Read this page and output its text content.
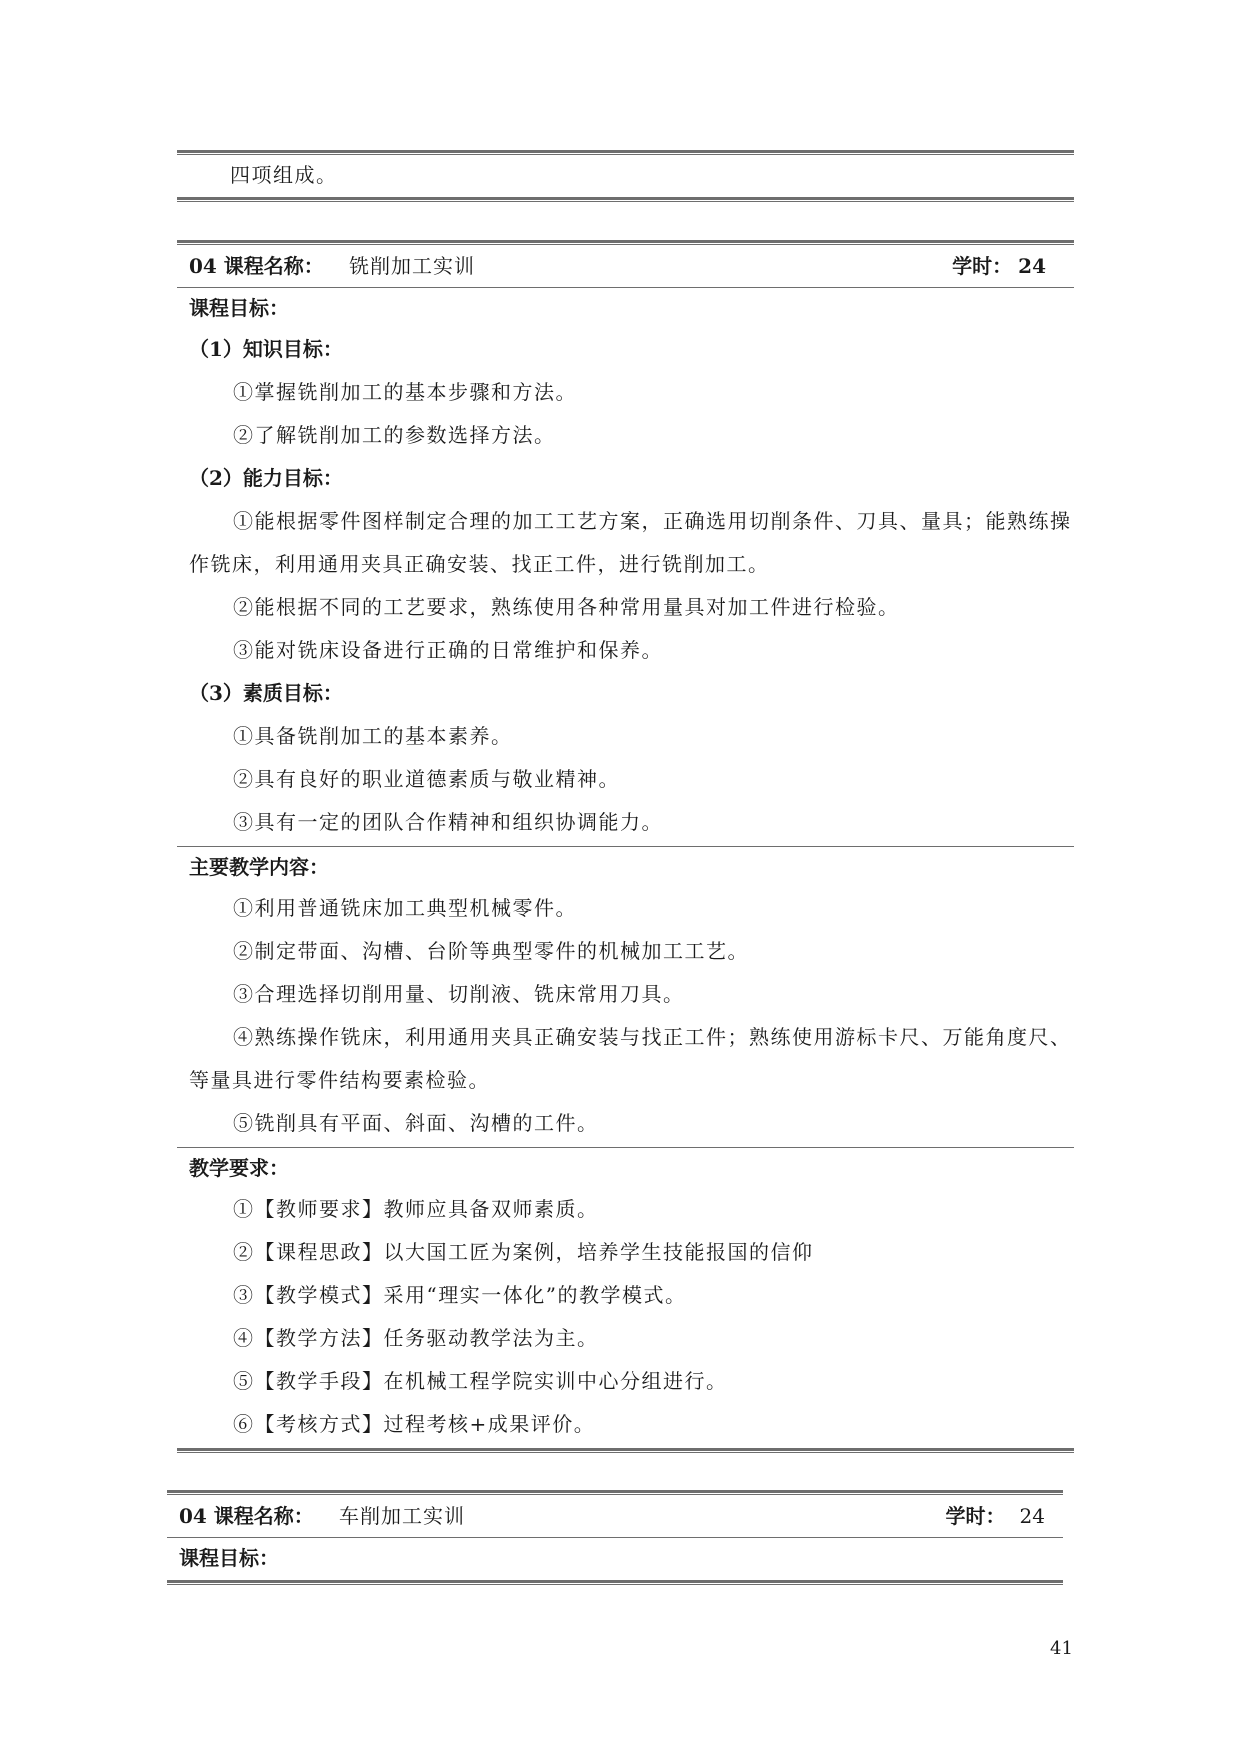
四项组成。
04 课程名称： 铣削加工实训	学时： 24
课程目标：
（1）知识目标：
①掌握铣削加工的基本步骤和方法。
②了解铣削加工的参数选择方法。
（2）能力目标：
①能根据零件图样制定合理的加工工艺方案，正确选用切削条件、刀具、量具；能熟练操作铣床，利用通用夹具正确安装、找正工件，进行铣削加工。
②能根据不同的工艺要求，熟练使用各种常用量具对加工件进行检验。
③能对铣床设备进行正确的日常维护和保养。
（3）素质目标：
①具备铣削加工的基本素养。
②具有良好的职业道德素质与敬业精神。
③具有一定的团队合作精神和组织协调能力。
主要教学内容：
①利用普通铣床加工典型机械零件。
②制定带面、沟槽、台阶等典型零件的机械加工工艺。
③合理选择切削用量、切削液、铣床常用刀具。
④熟练操作铣床，利用通用夹具正确安装与找正工件；熟练使用游标卡尺、万能角度尺、等量具进行零件结构要素检验。
⑤铣削具有平面、斜面、沟槽的工件。
教学要求：
①【教师要求】教师应具备双师素质。
②【课程思政】以大国工匠为案例，培养学生技能报国的信仰
③【教学模式】采用“理实一体化”的教学模式。
④【教学方法】任务驱动教学法为主。
⑤【教学手段】在机械工程学院实训中心分组进行。
⑥【考核方式】过程考核+成果评价。
04 课程名称： 车削加工实训	学时： 24
课程目标：
41
